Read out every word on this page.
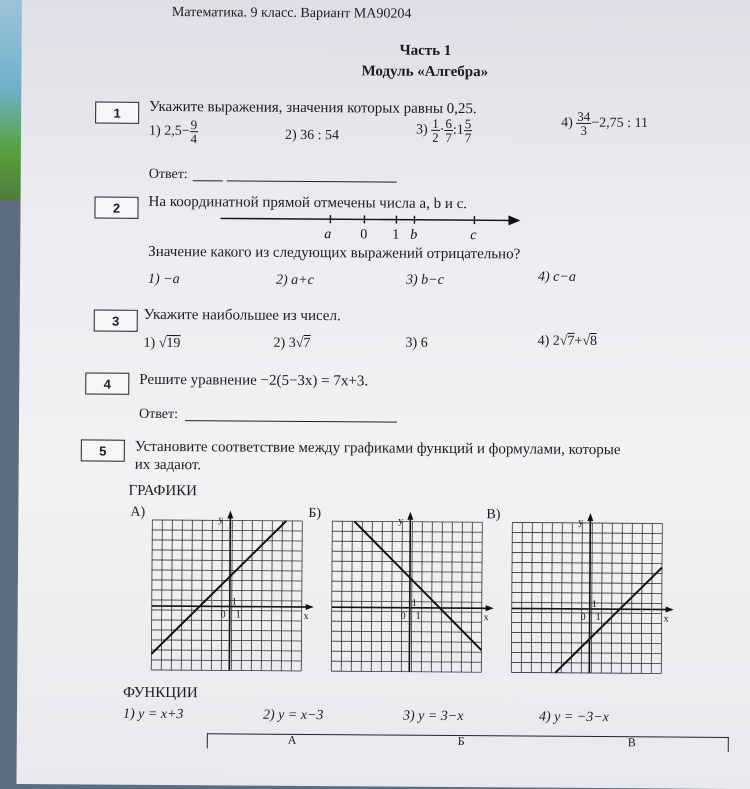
Математика. 9 класс. Вариант МА90204
Часть 1
Модуль «Алгебра»
1	Укажите выражения, значения которых равны 0,25.
1) $2,5- \frac{9}{4}$	2) 36 : 54	$3) \frac{1}{2} \cdot \frac{6}{7}$ :1 $\frac{5}{7}$	$4) \frac{34}{3} -2,75$ : 11
Ответ:
2	На координатной прямой отмечены числа a, b и c.
a 0 1 b	c
Значение какого из следующих выражений отрицательно?
1) −a	2) a+c	3) b−c	4) c−a
3	Укажите наибольшее из чисел.
1) √19	2) 3√7	3) 6	4) 2√7+√8
4	Решите уравнение −2(5−3x) = 7x+3.
Ответ:
5	Установите соответствие между графиками функций и формулами, которые
их задают.
ГРАФИКИ
А)	Б)	В)
y
x
0 1
1
y
x
0 1
1
y
x
0 1
1
ФУНКЦИИ
1) y = x+3	2) y = x−3	3) y = 3−x	4) y = −3−x
А	Б	В
